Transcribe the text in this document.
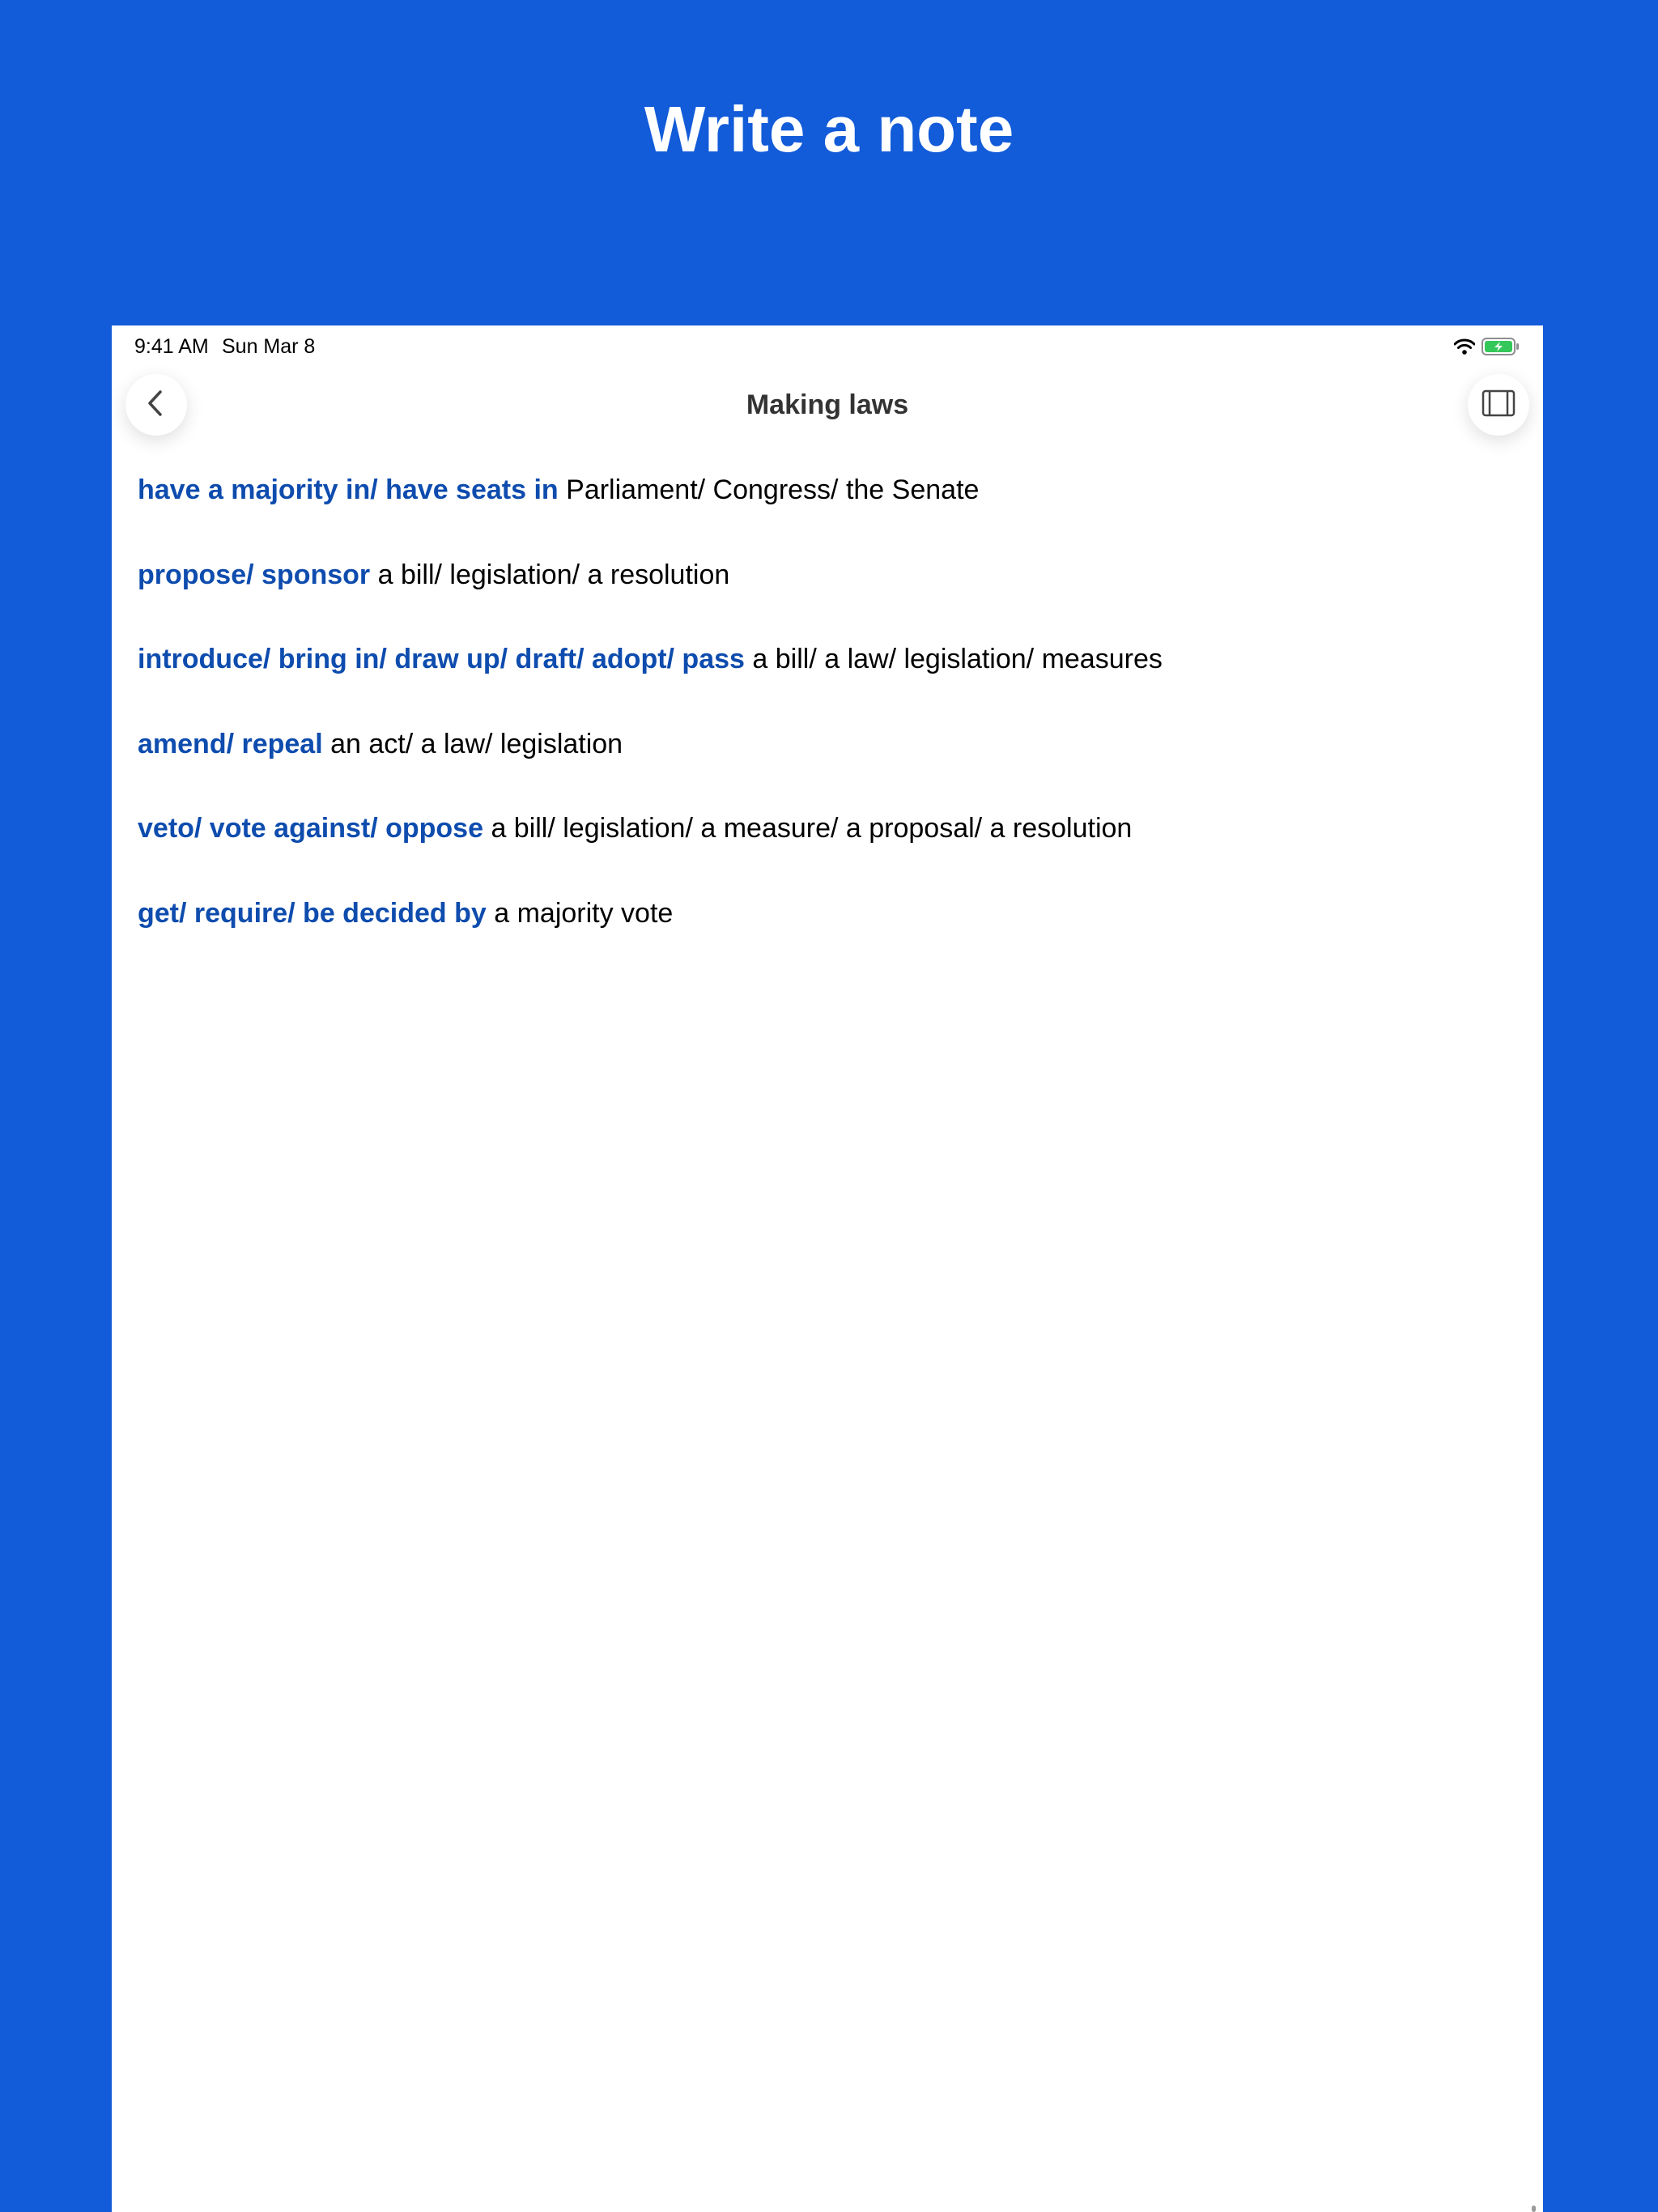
Write a note
9:41 AM Sun Mar 8
Making laws

have a majority in/ have seats in Parliament/ Congress/ the Senate

propose/ sponsor a bill/ legislation/ a resolution

introduce/ bring in/ draw up/ draft/ adopt/ pass a bill/ a law/ legislation/ measures

amend/ repeal an act/ a law/ legislation

veto/ vote against/ oppose a bill/ legislation/ a measure/ a proposal/ a resolution

get/ require/ be decided by a majority vote
